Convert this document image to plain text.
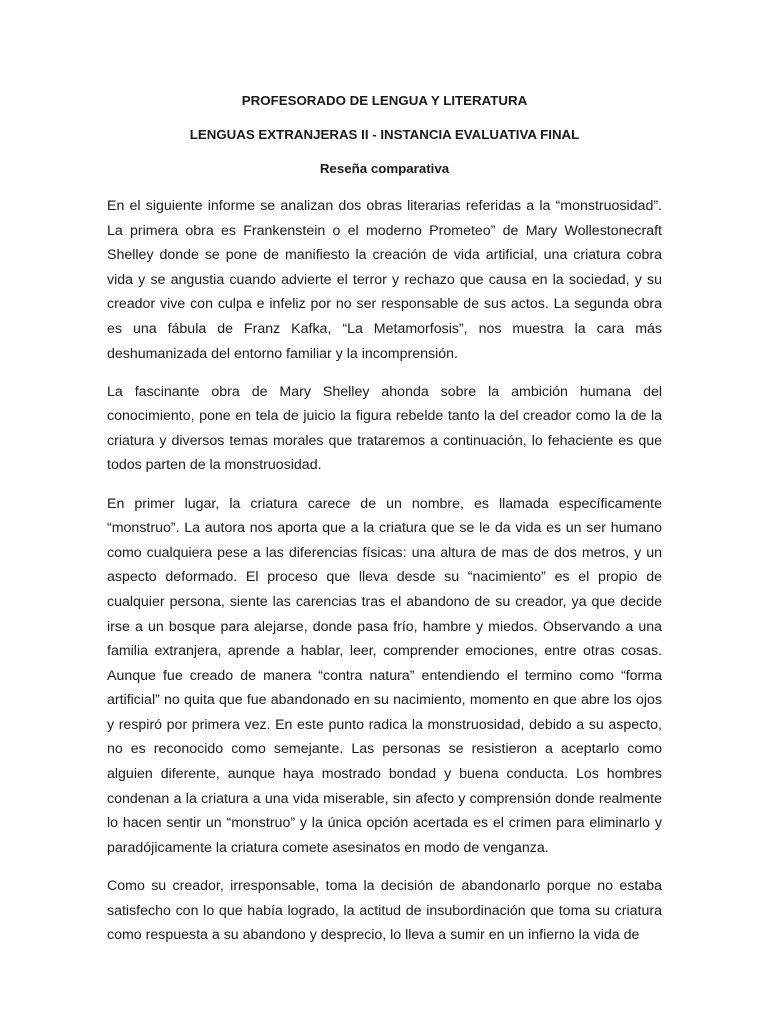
PROFESORADO DE LENGUA Y LITERATURA

LENGUAS EXTRANJERAS II - INSTANCIA EVALUATIVA FINAL

Reseña comparativa

En el siguiente informe se analizan dos obras literarias referidas a la “monstruosidad”. La primera obra es Frankenstein o el moderno Prometeo” de Mary Wollestonecraft Shelley donde se pone de manifiesto la creación de vida artificial, una criatura cobra vida y se angustia cuando advierte el terror y rechazo que causa en la sociedad, y su creador vive con culpa e infeliz por no ser responsable de sus actos. La segunda obra es una fábula de Franz Kafka, “La Metamorfosis”, nos muestra la cara más deshumanizada del entorno familiar y la incomprensión.

La fascinante obra de Mary Shelley ahonda sobre la ambición humana del conocimiento, pone en tela de juicio la figura rebelde tanto la del creador como la de la criatura y diversos temas morales que trataremos a continuación, lo fehaciente es que todos parten de la monstruosidad.

En primer lugar, la criatura carece de un nombre, es llamada específicamente “monstruo”. La autora nos aporta que a la criatura que se le da vida es un ser humano como cualquiera pese a las diferencias físicas: una altura de mas de dos metros, y un aspecto deformado. El proceso que lleva desde su “nacimiento” es el propio de cualquier persona, siente las carencias tras el abandono de su creador, ya que decide irse a un bosque para alejarse, donde pasa frío, hambre y miedos. Observando a una familia extranjera, aprende a hablar, leer, comprender emociones, entre otras cosas. Aunque fue creado de manera “contra natura” entendiendo el termino como “forma artificial” no quita que fue abandonado en su nacimiento, momento en que abre los ojos y respiró por primera vez. En este punto radica la monstruosidad, debido a su aspecto, no es reconocido como semejante. Las personas se resistieron a aceptarlo como alguien diferente, aunque haya mostrado bondad y buena conducta. Los hombres condenan a la criatura a una vida miserable, sin afecto y comprensión donde realmente lo hacen sentir un “monstruo” y la única opción acertada es el crimen para eliminarlo y paradójicamente la criatura comete asesinatos en modo de venganza.

Como su creador, irresponsable, toma la decisión de abandonarlo porque no estaba satisfecho con lo que había logrado, la actitud de insubordinación que toma su criatura como respuesta a su abandono y desprecio, lo lleva a sumir en un infierno la vida de
